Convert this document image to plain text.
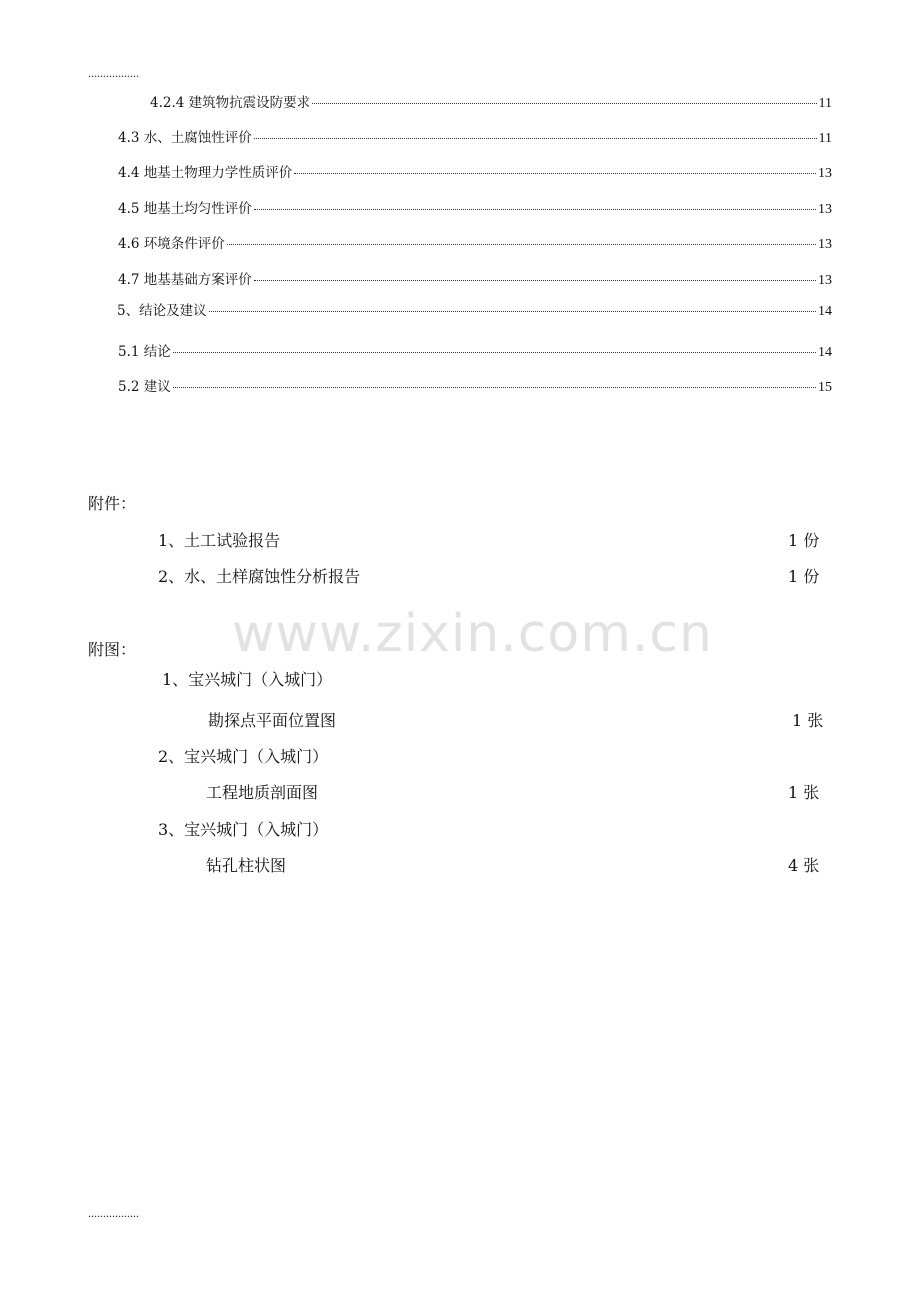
.................
4.2.4 建筑物抗震设防要求	11
4.3 水、土腐蚀性评价	11
4.4 地基土物理力学性质评价	13
4.5 地基土均匀性评价	13
4.6 环境条件评价	13
4.7 地基基础方案评价	13
5、结论及建议	14
5.1 结论	14
5.2 建议	15
附件：
1、土工试验报告	1 份
2、水、土样腐蚀性分析报告	1 份
www.zixin.com.cn
附图：
1、宝兴城门（入城门）
勘探点平面位置图	1 张
2、宝兴城门（入城门）
工程地质剖面图	1 张
3、宝兴城门（入城门）
钻孔柱状图	4 张
.................
